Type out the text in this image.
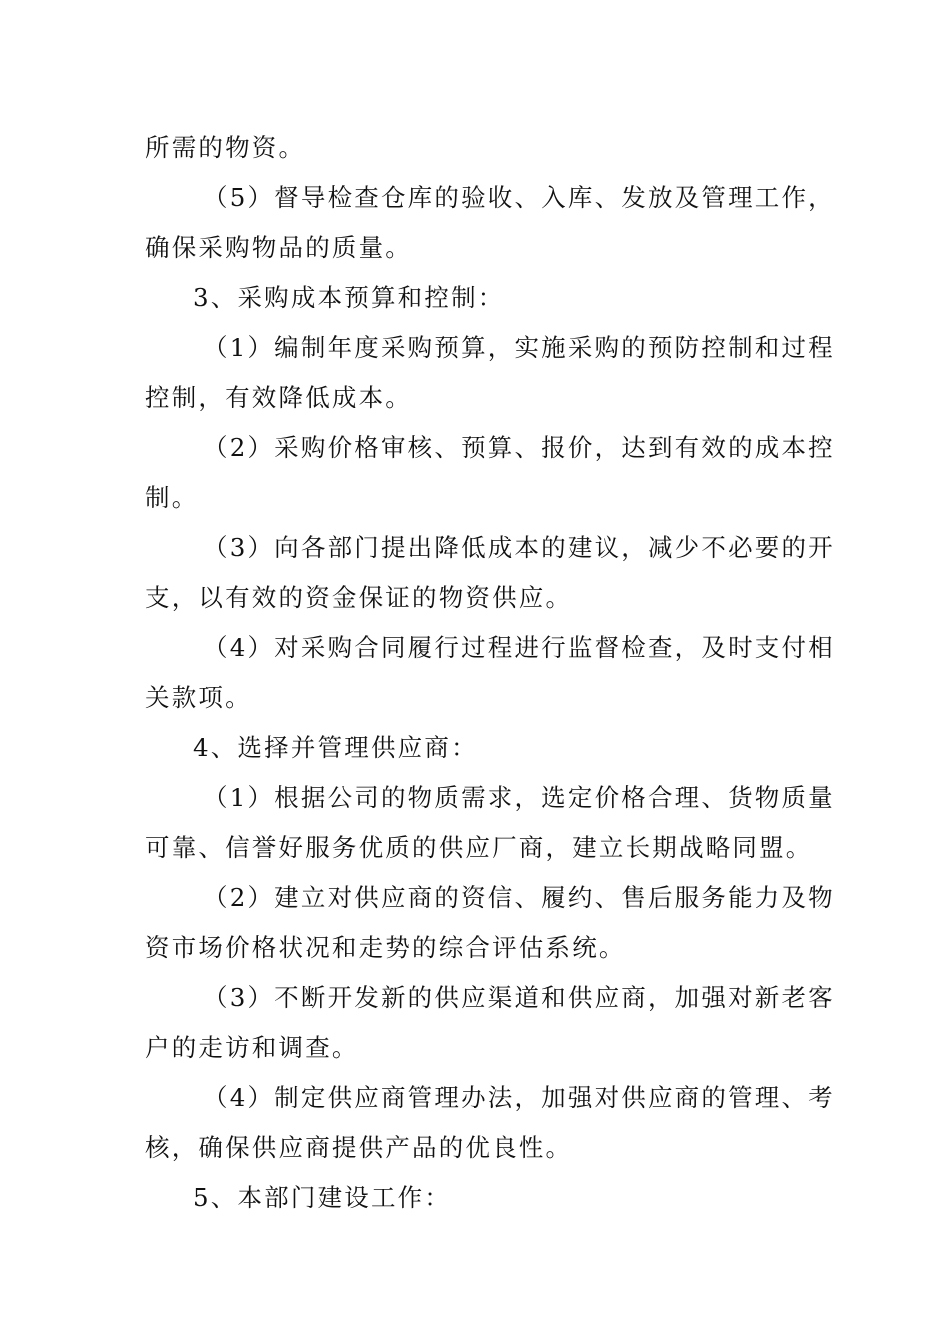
所需的物资。
（5）督导检查仓库的验收、入库、发放及管理工作，
确保采购物品的质量。
3、采购成本预算和控制：
（1）编制年度采购预算，实施采购的预防控制和过程
控制，有效降低成本。
（2）采购价格审核、预算、报价，达到有效的成本控
制。
（3）向各部门提出降低成本的建议，减少不必要的开
支，以有效的资金保证的物资供应。
（4）对采购合同履行过程进行监督检查，及时支付相
关款项。
4、选择并管理供应商：
（1）根据公司的物质需求，选定价格合理、货物质量
可靠、信誉好服务优质的供应厂商，建立长期战略同盟。
（2）建立对供应商的资信、履约、售后服务能力及物
资市场价格状况和走势的综合评估系统。
（3）不断开发新的供应渠道和供应商，加强对新老客
户的走访和调查。
（4）制定供应商管理办法，加强对供应商的管理、考
核，确保供应商提供产品的优良性。
5、本部门建设工作：
